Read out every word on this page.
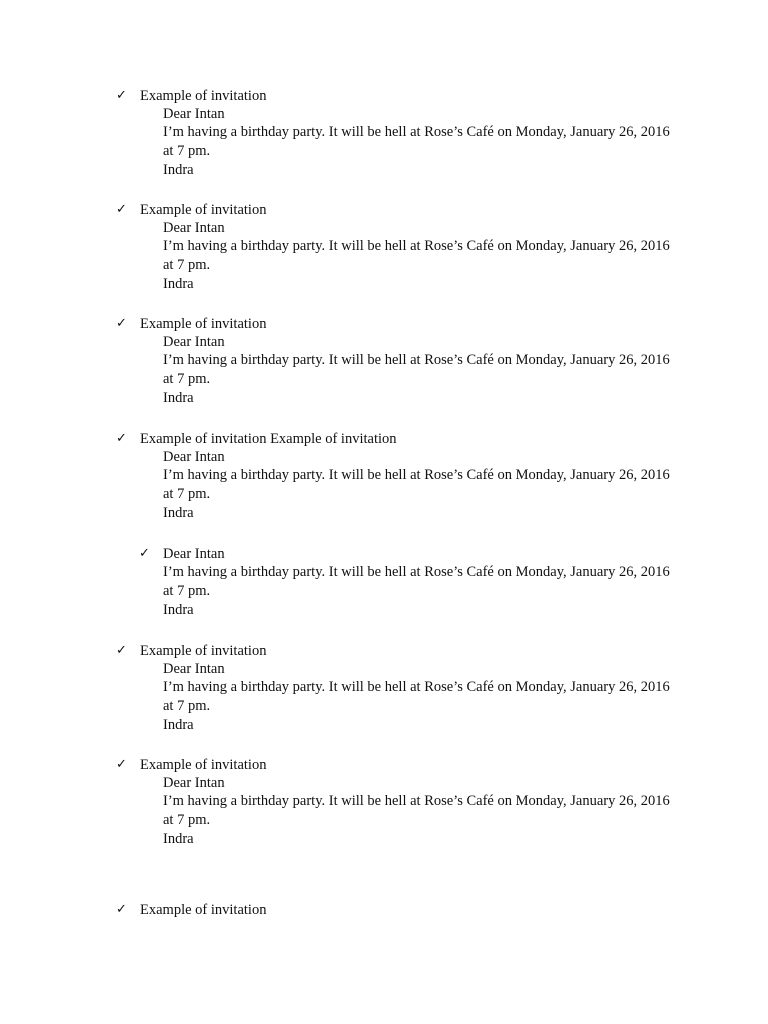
✓ Example of invitation
Dear Intan
I’m having a birthday party. It will be hell at Rose’s Café on Monday, January 26, 2016 at 7 pm.
Indra
✓ Example of invitation
Dear Intan
I’m having a birthday party. It will be hell at Rose’s Café on Monday, January 26, 2016 at 7 pm.
Indra
✓ Example of invitation
Dear Intan
I’m having a birthday party. It will be hell at Rose’s Café on Monday, January 26, 2016 at 7 pm.
Indra
✓ Example of invitation Example of invitation
Dear Intan
I’m having a birthday party. It will be hell at Rose’s Café on Monday, January 26, 2016 at 7 pm.
Indra
✓ Dear Intan
I’m having a birthday party. It will be hell at Rose’s Café on Monday, January 26, 2016 at 7 pm.
Indra
✓ Example of invitation
Dear Intan
I’m having a birthday party. It will be hell at Rose’s Café on Monday, January 26, 2016 at 7 pm.
Indra
✓ Example of invitation
Dear Intan
I’m having a birthday party. It will be hell at Rose’s Café on Monday, January 26, 2016 at 7 pm.
Indra
✓ Example of invitation
